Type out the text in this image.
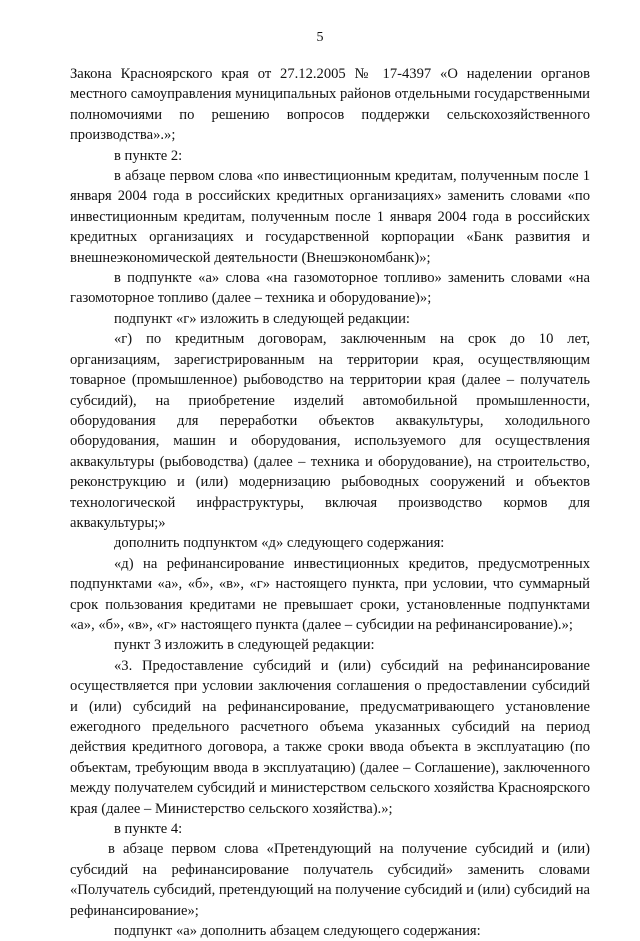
5

Закона Красноярского края от 27.12.2005 № 17-4397 «О наделении органов местного самоуправления муниципальных районов отдельными государственными полномочиями по решению вопросов поддержки сельскохозяйственного производства».»;

в пункте 2:

в абзаце первом слова «по инвестиционным кредитам, полученным после 1 января 2004 года в российских кредитных организациях» заменить словами «по инвестиционным кредитам, полученным после 1 января 2004 года в российских кредитных организациях и государственной корпорации «Банк развития и внешнеэкономической деятельности (Внешэкономбанк)»;

в подпункте «а» слова «на газомоторное топливо» заменить словами «на газомоторное топливо (далее – техника и оборудование)»;

подпункт «г» изложить в следующей редакции:

«г) по кредитным договорам, заключенным на срок до 10 лет, организациям, зарегистрированным на территории края, осуществляющим товарное (промышленное) рыбоводство на территории края (далее – получатель субсидий), на приобретение изделий автомобильной промышленности, оборудования для переработки объектов аквакультуры, холодильного оборудования, машин и оборудования, используемого для осуществления аквакультуры (рыбоводства) (далее – техника и оборудование), на строительство, реконструкцию и (или) модернизацию рыбоводных сооружений и объектов технологической инфраструктуры, включая производство кормов для аквакультуры;»

дополнить подпунктом «д» следующего содержания:

«д) на рефинансирование инвестиционных кредитов, предусмотренных подпунктами «а», «б», «в», «г» настоящего пункта, при условии, что суммарный срок пользования кредитами не превышает сроки, установленные подпунктами «а», «б», «в», «г» настоящего пункта (далее – субсидии на рефинансирование).»;

пункт 3 изложить в следующей редакции:

«3. Предоставление субсидий и (или) субсидий на рефинансирование осуществляется при условии заключения соглашения о предоставлении субсидий и (или) субсидий на рефинансирование, предусматривающего установление ежегодного предельного расчетного объема указанных субсидий на период действия кредитного договора, а также сроки ввода объекта в эксплуатацию (по объектам, требующим ввода в эксплуатацию) (далее – Соглашение), заключенного между получателем субсидий и министерством сельского хозяйства Красноярского края (далее – Министерство сельского хозяйства).»;

в пункте 4:

в абзаце первом слова «Претендующий на получение субсидий и (или) субсидий на рефинансирование получатель субсидий» заменить словами «Получатель субсидий, претендующий на получение субсидий и (или) субсидий на рефинансирование»;

подпункт «а» дополнить абзацем следующего содержания:
